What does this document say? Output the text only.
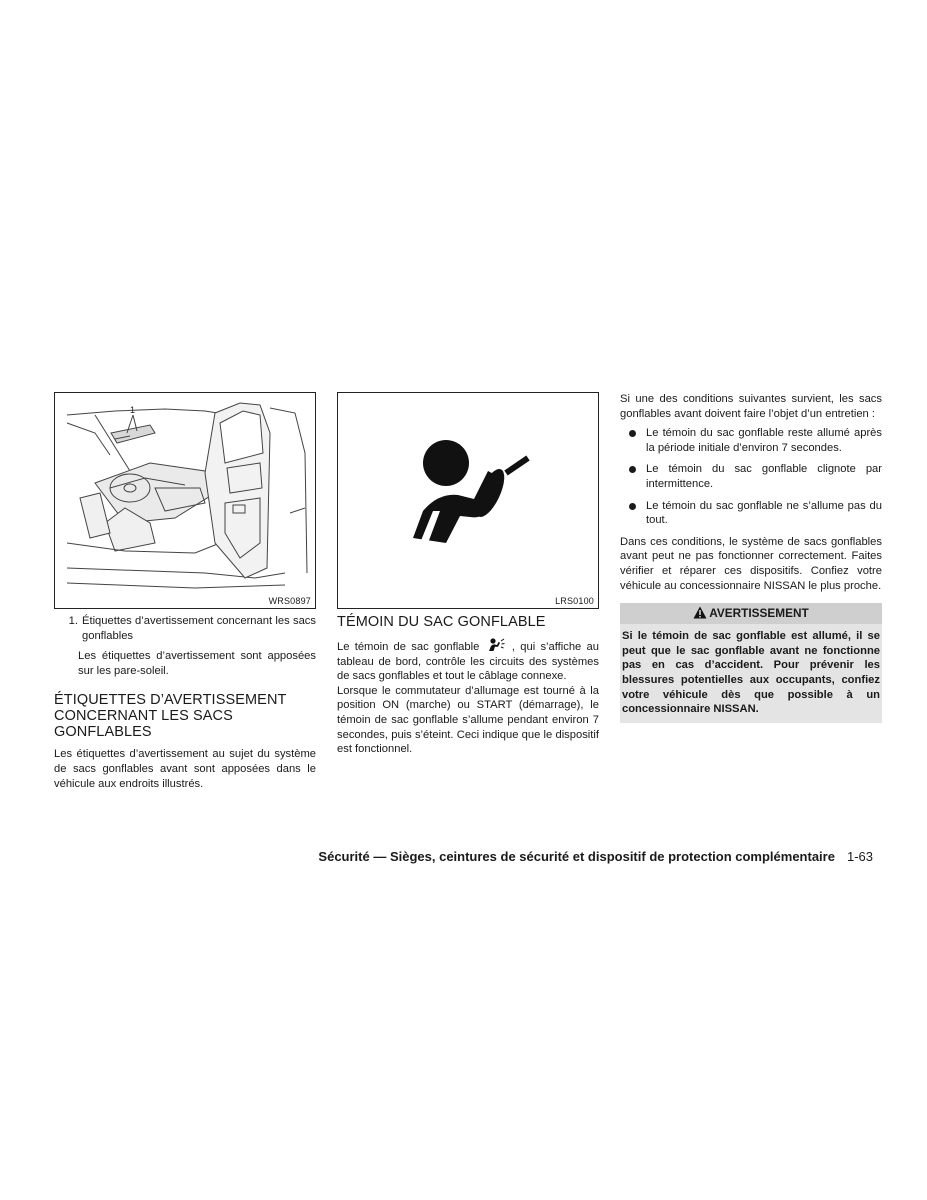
1
WRS0897
1. Étiquettes d’avertissement concernant les sacs gonflables

Les étiquettes d’avertissement sont apposées sur les pare-soleil.

ÉTIQUETTES D’AVERTISSEMENT CONCERNANT LES SACS GONFLABLES

Les étiquettes d’avertissement au sujet du système de sacs gonflables avant sont apposées dans le véhicule aux endroits illustrés.

LRS0100
TÉMOIN DU SAC GONFLABLE

Le témoin de sac gonflable	, qui s’affiche au tableau de bord, contrôle les circuits des systèmes de sacs gonflables et tout le câblage connexe.

Lorsque le commutateur d’allumage est tourné à la position ON (marche) ou START (démarrage), le témoin de sac gonflable s’allume pendant environ 7 secondes, puis s’éteint. Ceci indique que le dispositif est fonctionnel.

Si une des conditions suivantes survient, les sacs gonflables avant doivent faire l’objet d’un entretien :

Le témoin du sac gonflable reste allumé après la période initiale d’environ 7 secondes.
Le témoin du sac gonflable clignote par intermittence.
Le témoin du sac gonflable ne s’allume pas du tout.

Dans ces conditions, le système de sacs gonflables avant peut ne pas fonctionner correctement. Faites vérifier et réparer ces dispositifs. Confiez votre véhicule au concessionnaire NISSAN le plus proche.

AVERTISSEMENT

Si le témoin de sac gonflable est allumé, il se peut que le sac gonflable avant ne fonctionne pas en cas d’accident. Pour prévenir les blessures potentielles aux occupants, confiez votre véhicule dès que possible à un concessionnaire NISSAN.

Sécurité — Sièges, ceintures de sécurité et dispositif de protection complémentaire 1-63
